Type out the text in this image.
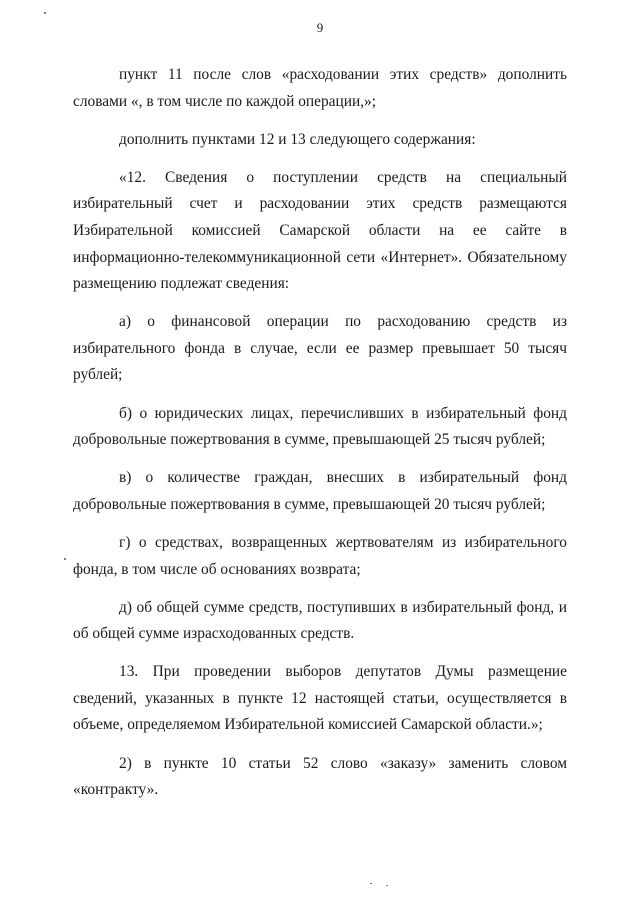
9

пункт 11 после слов «расходовании этих средств» дополнить словами «, в том числе по каждой операции,»;

дополнить пунктами 12 и 13 следующего содержания:

«12. Сведения о поступлении средств на специальный избирательный счет и расходовании этих средств размещаются Избирательной комиссией Самарской области на ее сайте в информационно-телекоммуникационной сети «Интернет». Обязательному размещению подлежат сведения:

а) о финансовой операции по расходованию средств из избирательного фонда в случае, если ее размер превышает 50 тысяч рублей;

б) о юридических лицах, перечисливших в избирательный фонд добровольные пожертвования в сумме, превышающей 25 тысяч рублей;

в) о количестве граждан, внесших в избирательный фонд добровольные пожертвования в сумме, превышающей 20 тысяч рублей;

г) о средствах, возвращенных жертвователям из избирательного фонда, в том числе об основаниях возврата;

д) об общей сумме средств, поступивших в избирательный фонд, и об общей сумме израсходованных средств.

13. При проведении выборов депутатов Думы размещение сведений, указанных в пункте 12 настоящей статьи, осуществляется в объеме, определяемом Избирательной комиссией Самарской области.»;

2) в пункте 10 статьи 52 слово «заказу» заменить словом «контракту».
